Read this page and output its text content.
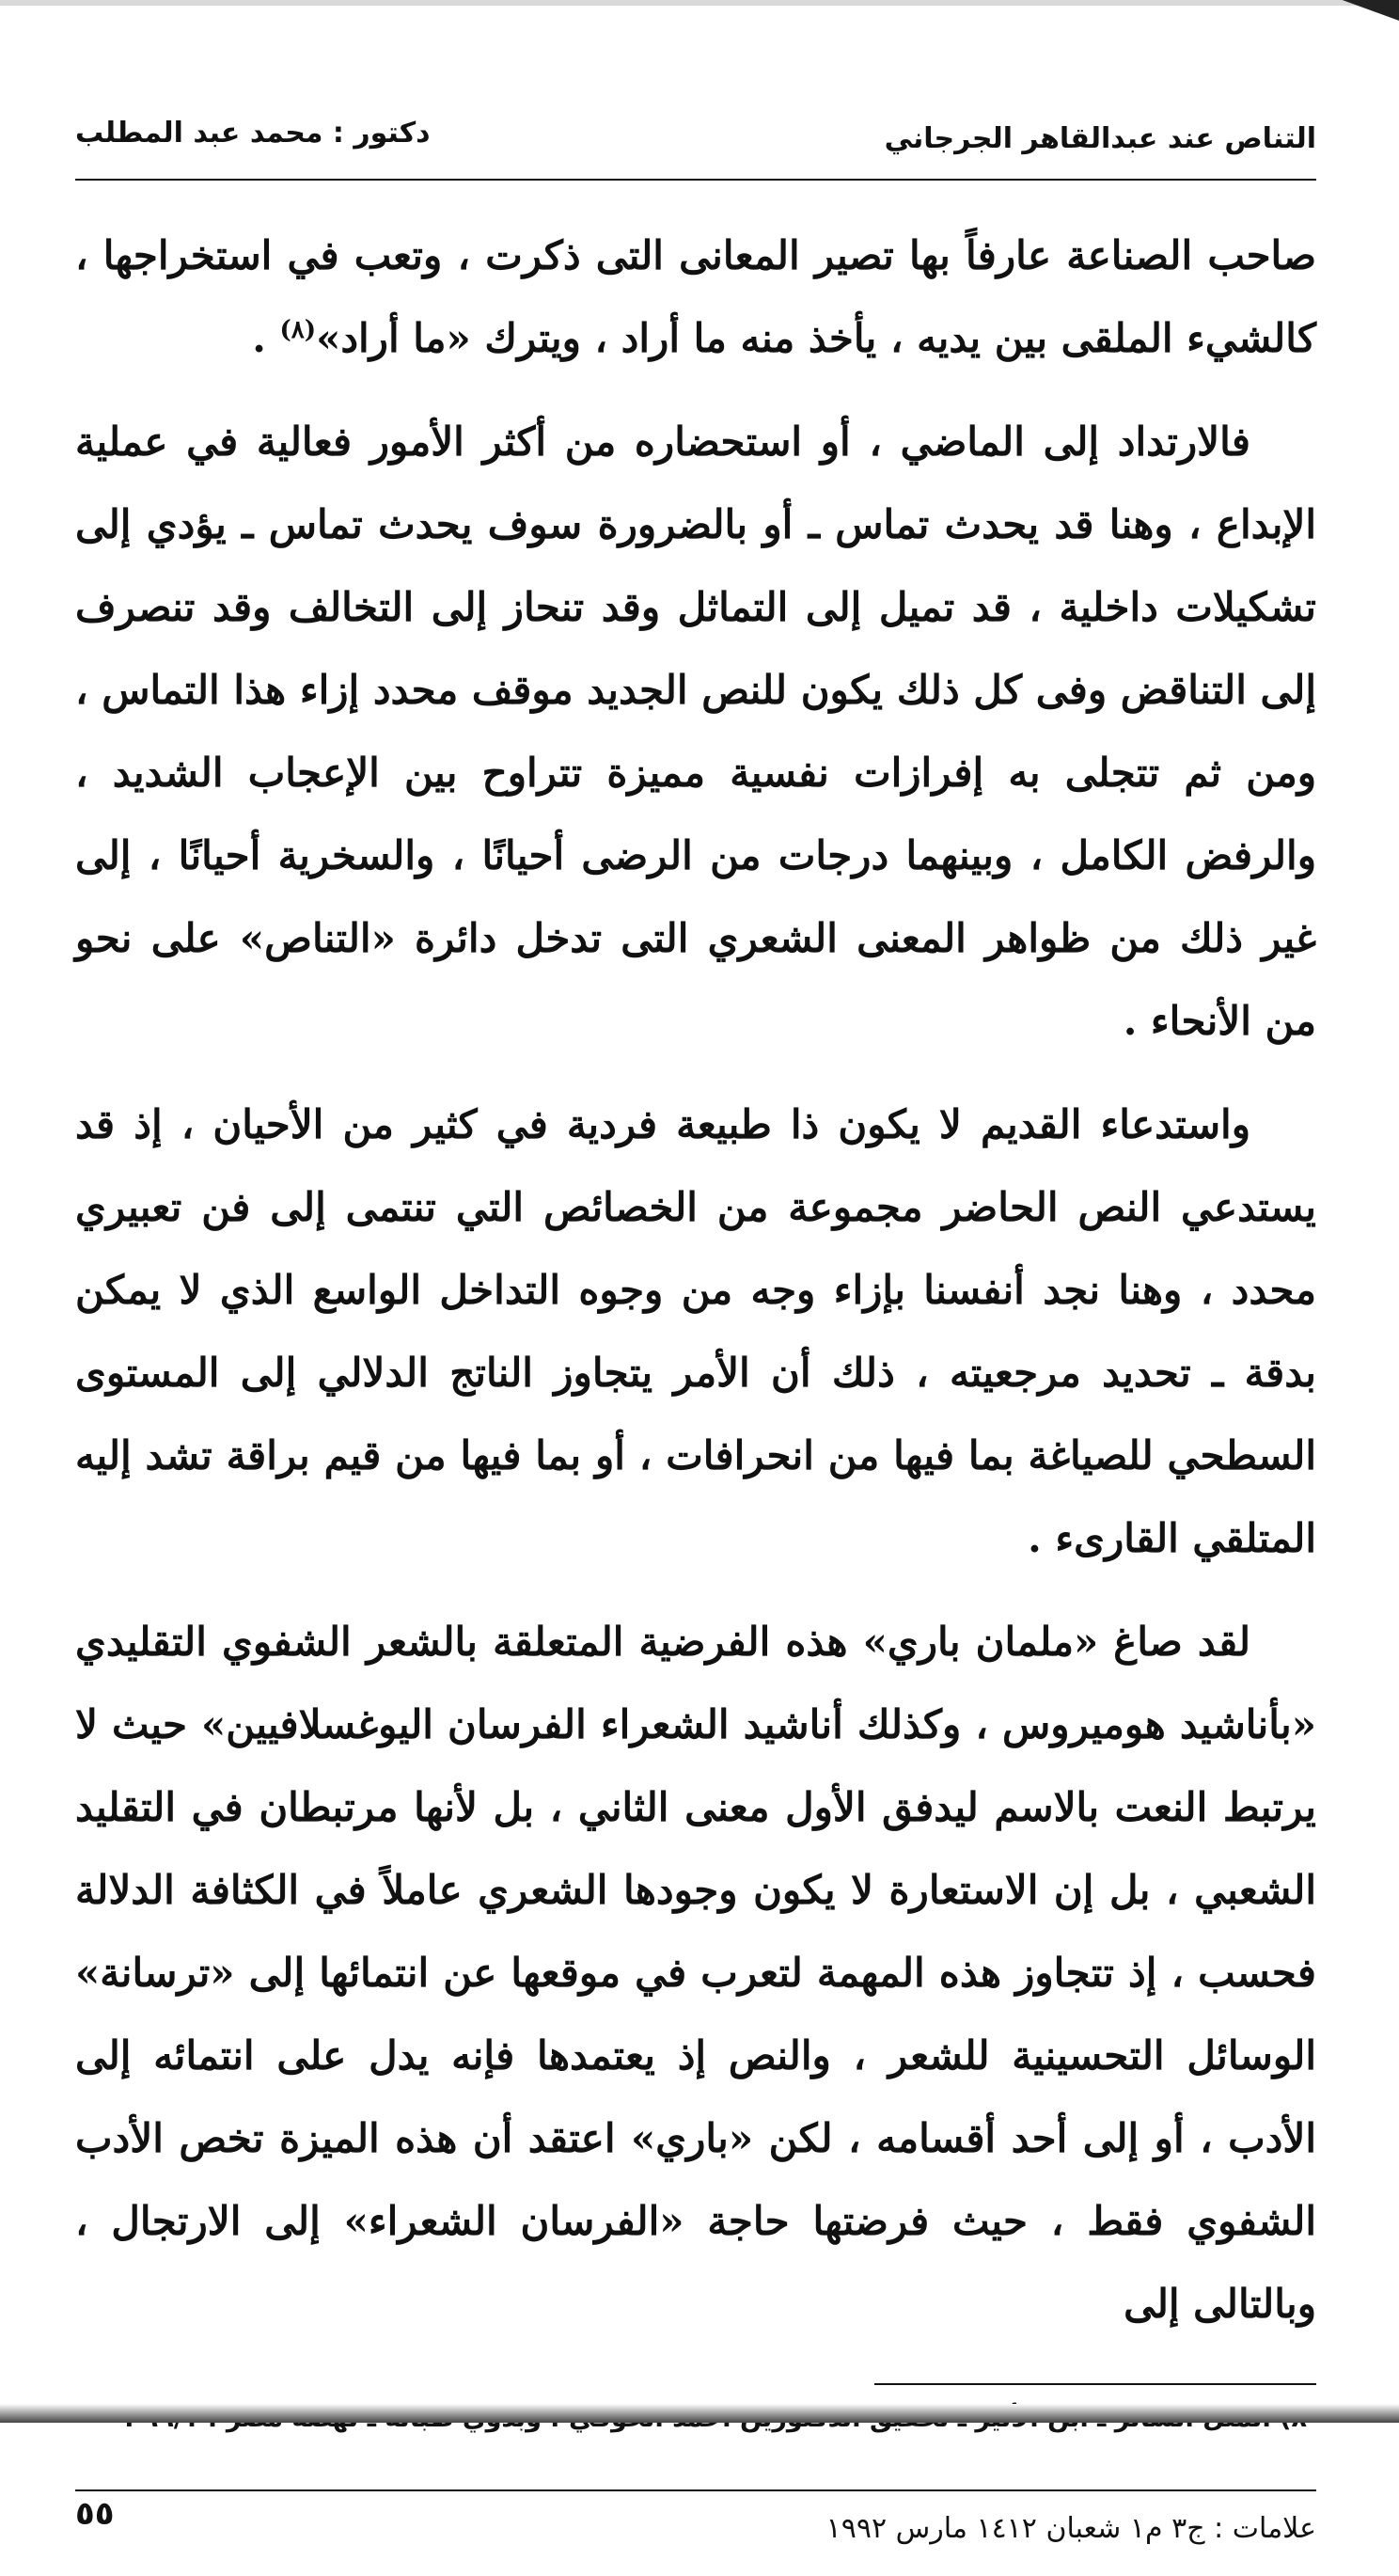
التناص عند عبدالقاهر الجرجاني
دكتور : محمد عبد المطلب

صاحب الصناعة عارفاً بها تصير المعانى التى ذكرت ، وتعب في استخراجها ، كالشيء الملقى بين يديه ، يأخذ منه ما أراد ، ويترك «ما أراد»$^{(٨)}$ .

فالارتداد إلى الماضي ، أو استحضاره من أكثر الأمور فعالية في عملية الإبداع ، وهنا قد يحدث تماس ـ أو بالضرورة سوف يحدث تماس ـ يؤدي إلى تشكيلات داخلية ، قد تميل إلى التماثل وقد تنحاز إلى التخالف وقد تنصرف إلى التناقض وفى كل ذلك يكون للنص الجديد موقف محدد إزاء هذا التماس ، ومن ثم تتجلى به إفرازات نفسية مميزة تتراوح بين الإعجاب الشديد ، والرفض الكامل ، وبينهما درجات من الرضى أحيانًا ، والسخرية أحيانًا ، إلى غير ذلك من ظواهر المعنى الشعري التى تدخل دائرة «التناص» على نحو من الأنحاء .

واستدعاء القديم لا يكون ذا طبيعة فردية في كثير من الأحيان ، إذ قد يستدعي النص الحاضر مجموعة من الخصائص التي تنتمى إلى فن تعبيري محدد ، وهنا نجد أنفسنا بإزاء وجه من وجوه التداخل الواسع الذي لا يمكن بدقة ـ تحديد مرجعيته ، ذلك أن الأمر يتجاوز الناتج الدلالي إلى المستوى السطحي للصياغة بما فيها من انحرافات ، أو بما فيها من قيم براقة تشد إليه المتلقي القارىء .

لقد صاغ «ملمان باري» هذه الفرضية المتعلقة بالشعر الشفوي التقليدي «بأناشيد هوميروس ، وكذلك أناشيد الشعراء الفرسان اليوغسلافيين» حيث لا يرتبط النعت بالاسم ليدفق الأول معنى الثاني ، بل لأنها مرتبطان في التقليد الشعبي ، بل إن الاستعارة لا يكون وجودها الشعري عاملاً في الكثافة الدلالة فحسب ، إذ تتجاوز هذه المهمة لتعرب في موقعها عن انتمائها إلى «ترسانة» الوسائل التحسينية للشعر ، والنص إذ يعتمدها فإنه يدل على انتمائه إلى الأدب ، أو إلى أحد أقسامه ، لكن «باري» اعتقد أن هذه الميزة تخص الأدب الشفوي فقط ، حيث فرضتها حاجة «الفرسان الشعراء» إلى الارتجال ، وبالتالى إلى

علامات : ج٣ م١ شعبان ١٤١٢ مارس ١٩٩٢
٥٥
